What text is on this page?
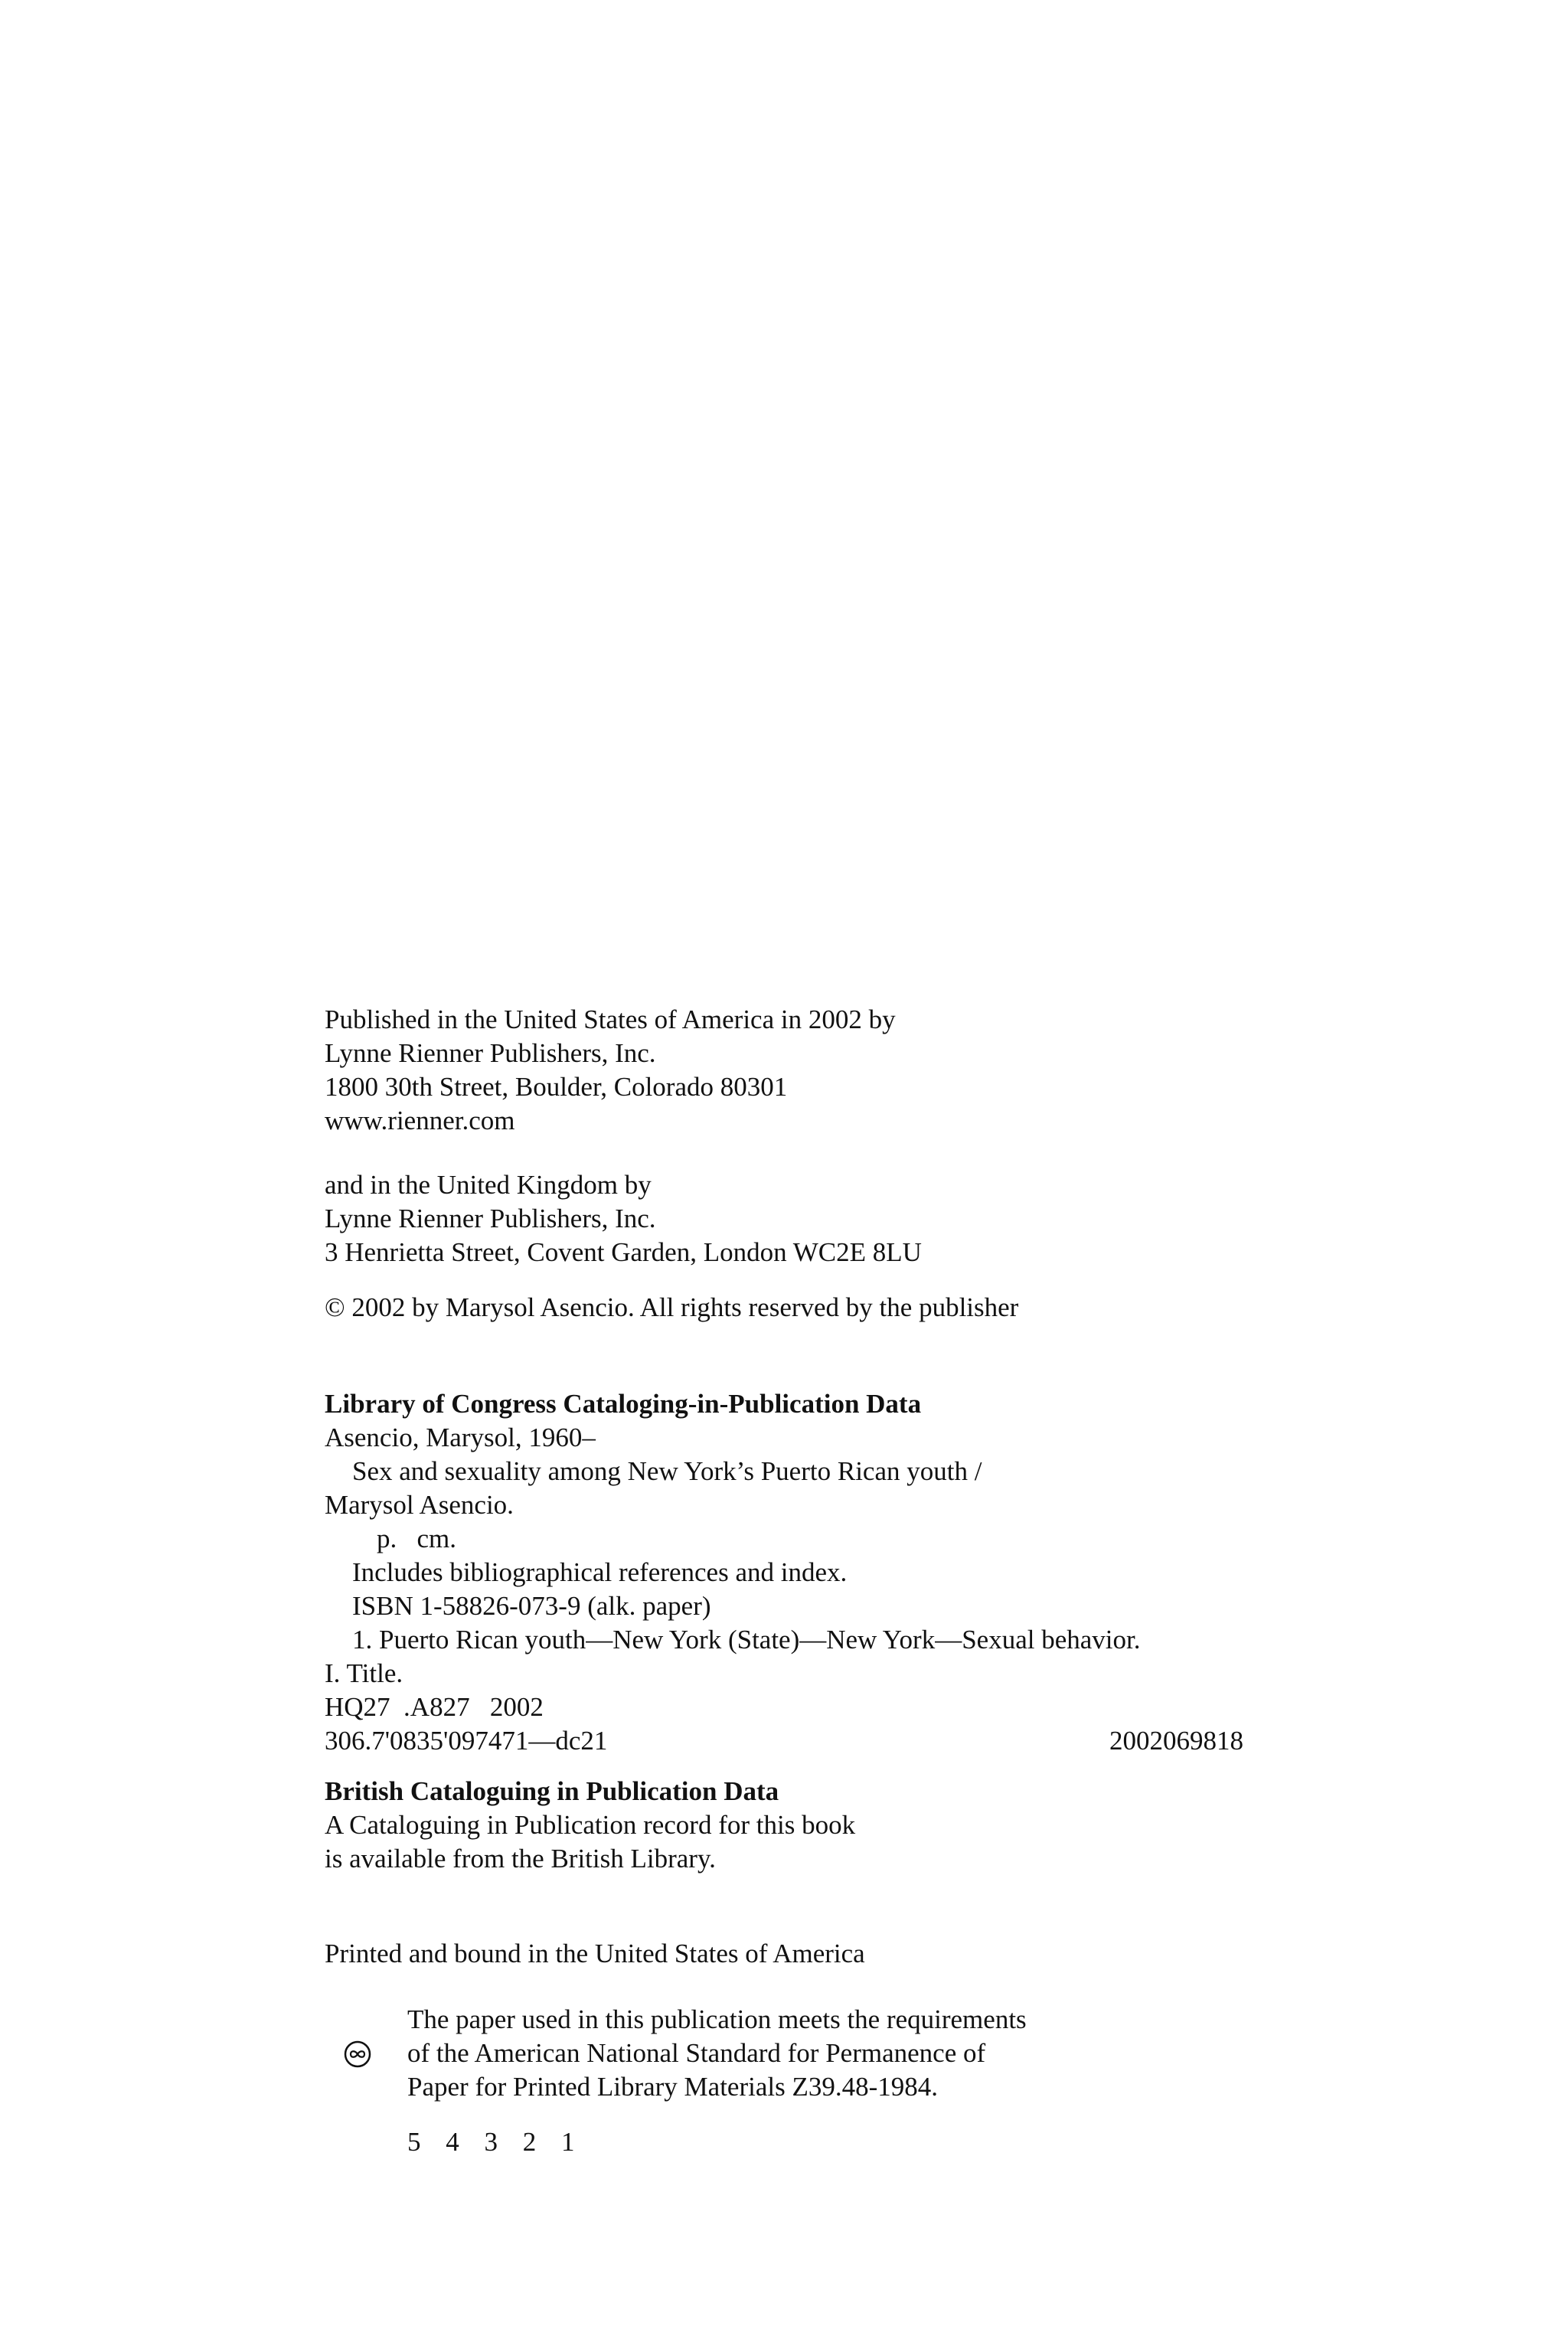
Published in the United States of America in 2002 by
Lynne Rienner Publishers, Inc.
1800 30th Street, Boulder, Colorado 80301
www.rienner.com
and in the United Kingdom by
Lynne Rienner Publishers, Inc.
3 Henrietta Street, Covent Garden, London WC2E 8LU
© 2002 by Marysol Asencio. All rights reserved by the publisher
Library of Congress Cataloging-in-Publication Data
Asencio, Marysol, 1960–
Sex and sexuality among New York’s Puerto Rican youth /
Marysol Asencio.
p.   cm.
Includes bibliographical references and index.
ISBN 1-58826-073-9 (alk. paper)
1. Puerto Rican youth—New York (State)—New York—Sexual behavior.
I. Title.
HQ27  .A827   2002
306.7'0835'097471—dc21	2002069818
British Cataloguing in Publication Data
A Cataloguing in Publication record for this book
is available from the British Library.
Printed and bound in the United States of America
The paper used in this publication meets the requirements
of the American National Standard for Permanence of
Paper for Printed Library Materials Z39.48-1984.
5 4 3 2 1
